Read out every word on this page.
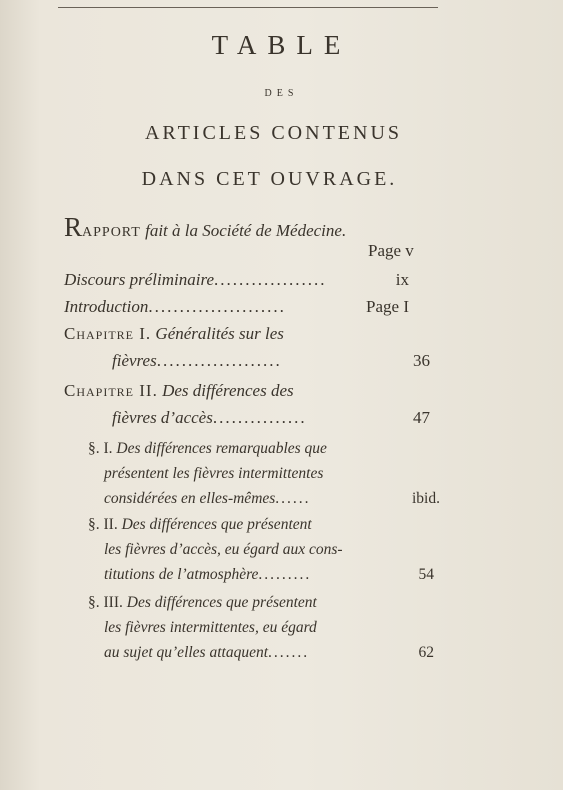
TABLE
DES
ARTICLES CONTENUS
DANS CET OUVRAGE.
RAPPORT fait à la Société de Médecine.
Page v
Discours préliminaire..................	ix
Introduction......................	Page I
Chapitre I. Généralités sur les
fièvres....................	36
Chapitre II. Des différences des
fièvres d’accès...............	47
§. I. Des différences remarquables que
présentent les fièvres intermittentes
considérées en elles-mêmes......	ibid.
§. II. Des différences que présentent
les fièvres d’accès, eu égard aux cons-
titutions de l’atmosphère.........	54
§. III. Des différences que présentent
les fièvres intermittentes, eu égard
au sujet qu’elles attaquent.......	62
